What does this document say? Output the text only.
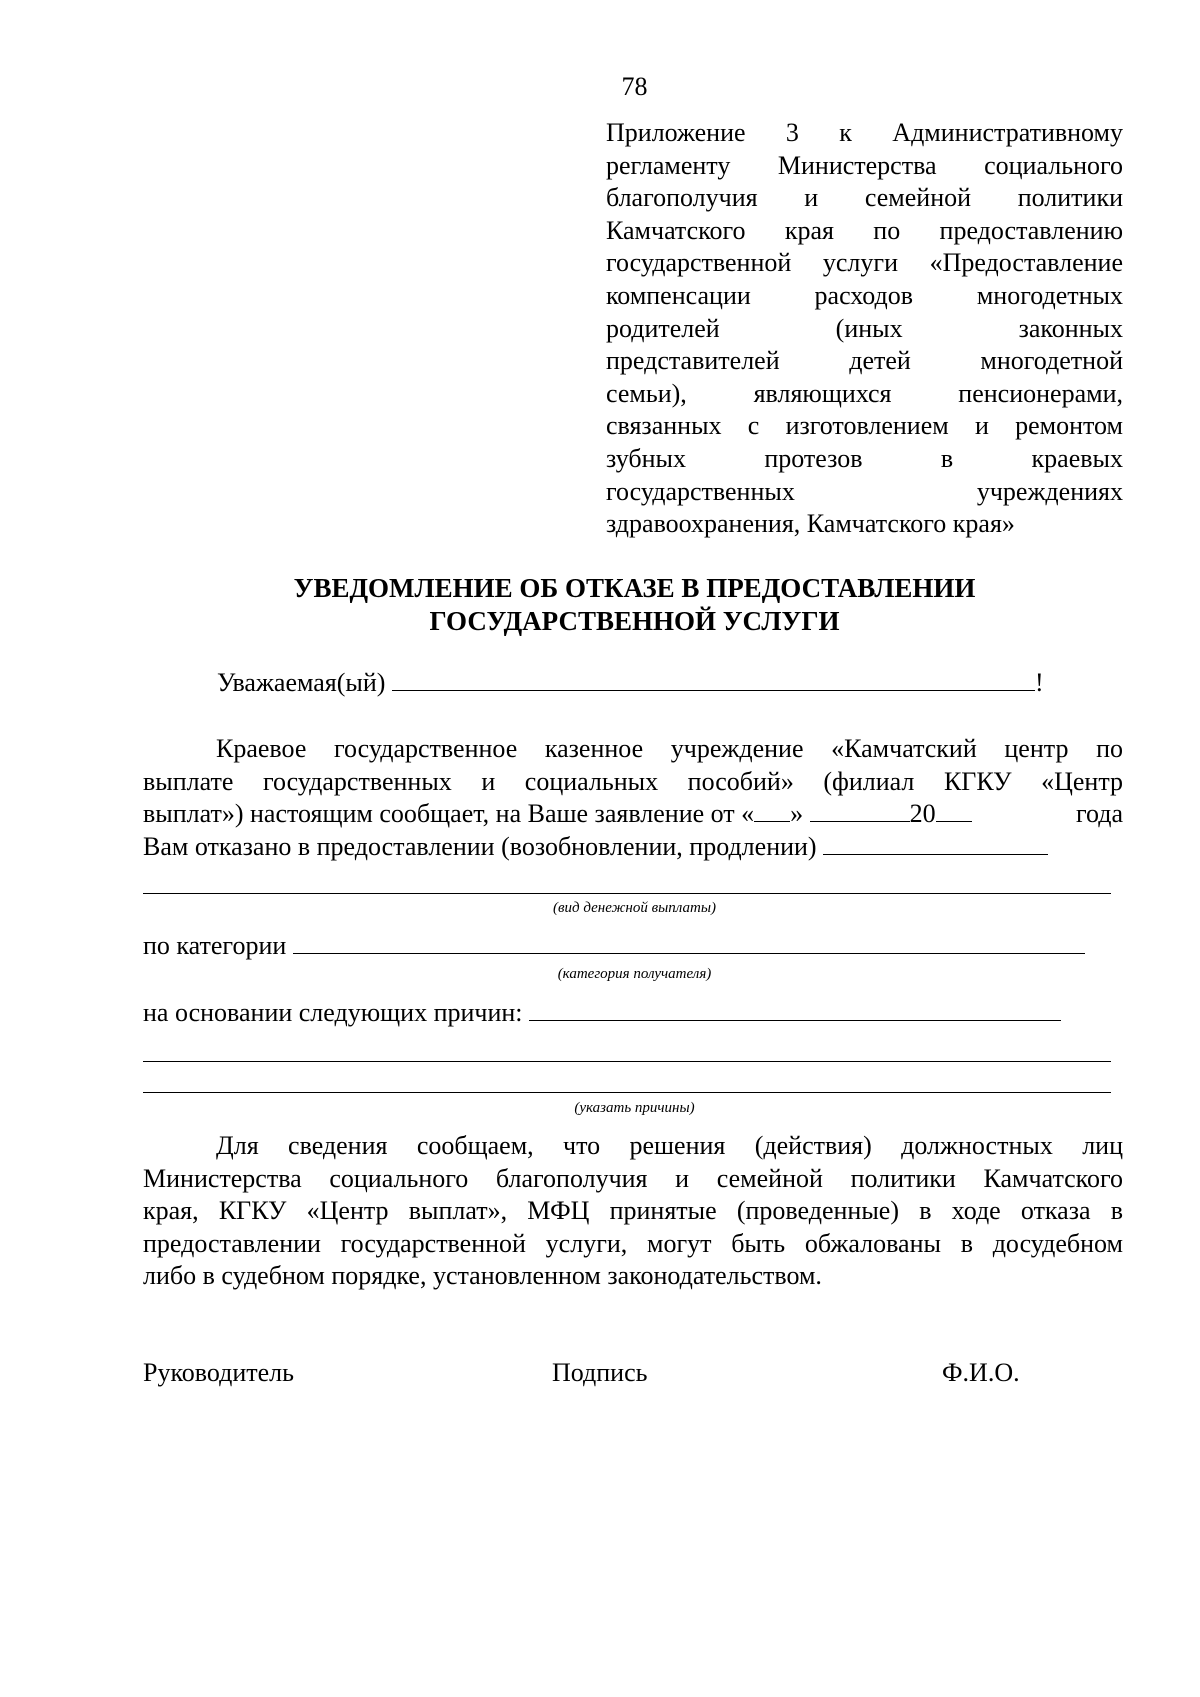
78
Приложение 3 к Административному
регламенту Министерства социального
благополучия и семейной политики
Камчатского края по предоставлению
государственной услуги «Предоставление
компенсации расходов многодетных
родителей (иных законных
представителей детей многодетной
семьи), являющихся пенсионерами,
связанных с изготовлением и ремонтом
зубных протезов в краевых
государственных учреждениях
здравоохранения, Камчатского края»
УВЕДОМЛЕНИЕ ОБ ОТКАЗЕ В ПРЕДОСТАВЛЕНИИ
ГОСУДАРСТВЕННОЙ УСЛУГИ
Уважаемая(ый)	!
Краевое государственное казенное учреждение «Камчатский центр по
выплате государственных и социальных пособий» (филиал КГКУ «Центр
выплат») настоящим сообщает, на Ваше заявление от « »	20	года
Вам отказано в предоставлении (возобновлении, продлении)
(вид денежной выплаты)
по категории
(категория получателя)
на основании следующих причин:
(указать причины)
Для сведения сообщаем, что решения (действия) должностных лиц
Министерства социального благополучия и семейной политики Камчатского
края, КГКУ «Центр выплат», МФЦ принятые (проведенные) в ходе отказа в
предоставлении государственной услуги, могут быть обжалованы в досудебном
либо в судебном порядке, установленном законодательством.
Руководитель	Подпись	Ф.И.О.
